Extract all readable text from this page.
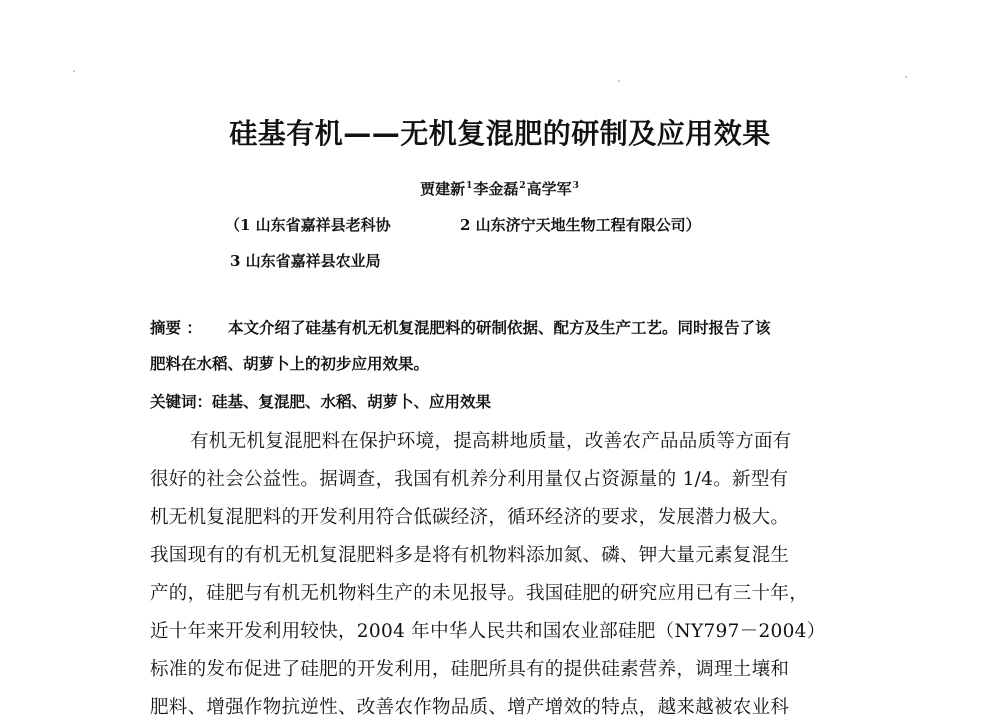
硅基有机——无机复混肥的研制及应用效果
贾建新$^1$李金磊$^2$高学军$^3$
（1 山东省嘉祥县老科协	2 山东济宁天地生物工程有限公司）
3 山东省嘉祥县农业局
摘要 ： 本文介绍了硅基有机无机复混肥料的研制依据、配方及生产工艺。同时报告了该
肥料在水稻、胡萝卜上的初步应用效果。
关键词：硅基、复混肥、水稻、胡萝卜、应用效果
有机无机复混肥料在保护环境，提高耕地质量，改善农产品品质等方面有
很好的社会公益性。据调查，我国有机养分利用量仅占资源量的 1/4。新型有
机无机复混肥料的开发利用符合低碳经济，循环经济的要求，发展潜力极大。
我国现有的有机无机复混肥料多是将有机物料添加氮、磷、钾大量元素复混生
产的，硅肥与有机无机物料生产的未见报导。我国硅肥的研究应用已有三十年，
近十年来开发利用较快，2004 年中华人民共和国农业部硅肥（NY797－2004）
标准的发布促进了硅肥的开发利用，硅肥所具有的提供硅素营养，调理土壤和
肥料、增强作物抗逆性、改善农作物品质、增产增效的特点，越来越被农业科
